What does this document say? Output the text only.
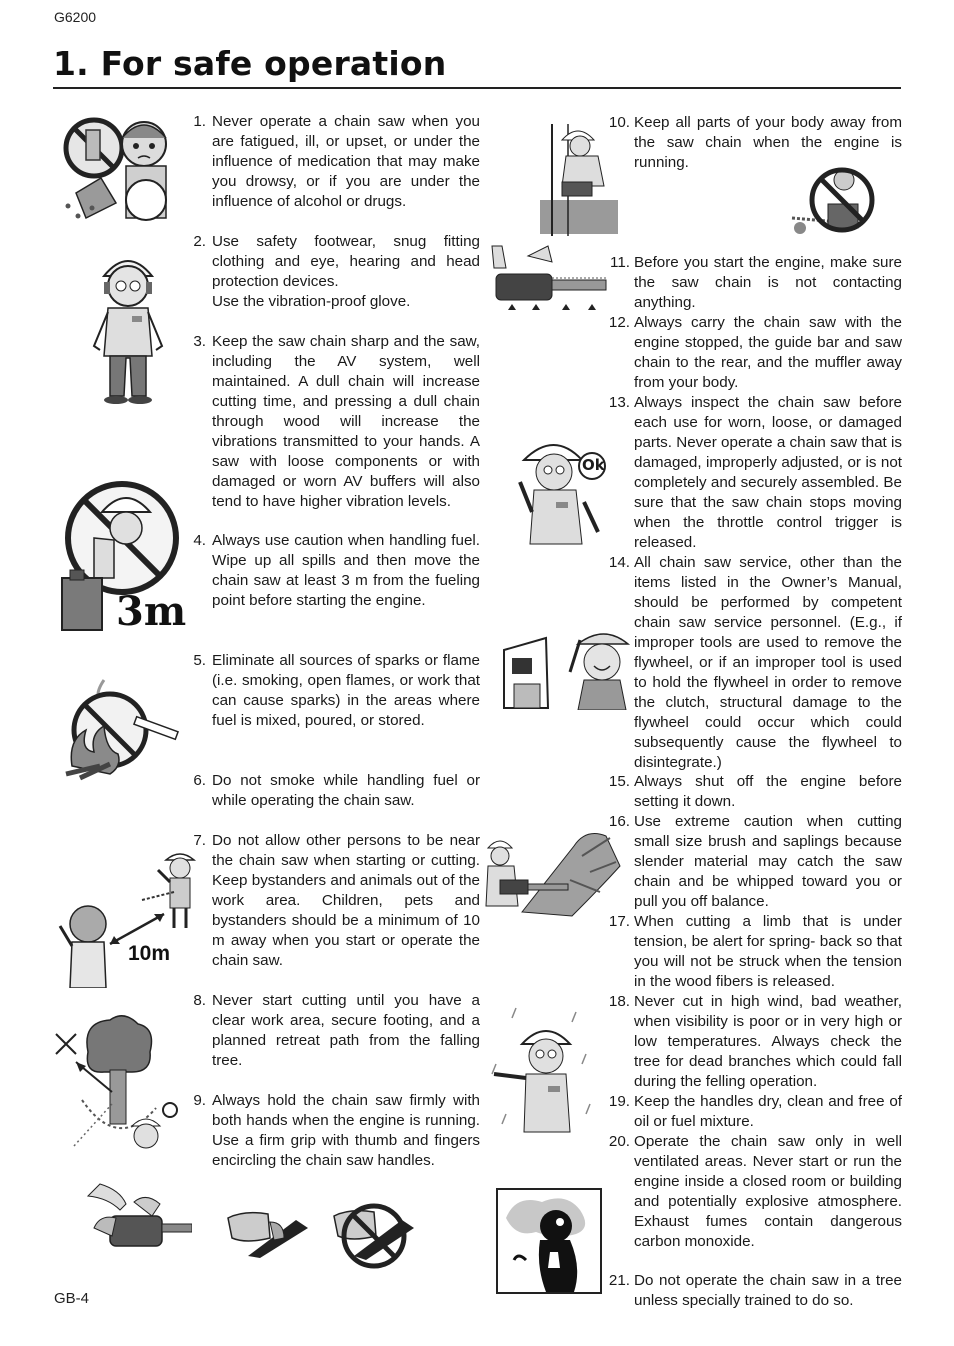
G6200
1. For safe operation
1. Never operate a chain saw when you are fatigued, ill, or upset, or under the influence of medication that may make you drowsy, or if you are under the influence of alcohol or drugs.
2. Use safety footwear, snug fitting clothing and eye, hearing and head protection devices.
Use the vibration-proof glove.
3. Keep the saw chain sharp and the saw, including the AV system, well maintained. A dull chain will increase cutting time, and pressing a dull chain through wood will increase the vibrations transmitted to your hands. A saw with loose components or with damaged or worn AV buffers will also tend to have higher vibration levels.
4. Always use caution when handling fuel. Wipe up all spills and then move the chain saw at least 3 m from the fueling point before starting the engine.
5. Eliminate all sources of sparks or flame (i.e. smoking, open flames, or work that can cause sparks) in the areas where fuel is mixed, poured, or stored.
6. Do not smoke while handling fuel or while operating the chain saw.
7. Do not allow other persons to be near the chain saw when starting or cutting. Keep bystanders and animals out of the work area. Children, pets and bystanders should be a minimum of 10 m away when you start or operate the chain saw.
8. Never start cutting until you have a clear work area, secure footing, and a planned retreat path from the falling tree.
9. Always hold the chain saw firmly with both hands when the engine is running. Use a firm grip with thumb and fingers encircling the chain saw handles.
10. Keep all parts of your body away from the saw chain when the engine is running.
11. Before you start the engine, make sure the saw chain is not contacting anything.
12. Always carry the chain saw with the engine stopped, the guide bar and saw chain to the rear, and the muffler away from your body.
13. Always inspect the chain saw before each use for worn, loose, or damaged parts. Never operate a chain saw that is damaged, improperly adjusted, or is not completely and securely assembled. Be sure that the saw chain stops moving when the throttle control trigger is released.
14. All chain saw service, other than the items listed in the Owner’s Manual, should be performed by competent chain saw service personnel. (E.g., if improper tools are used to remove the flywheel, or if an improper tool is used to hold the flywheel in order to remove the clutch, structural damage to the flywheel could occur which could subsequently cause the flywheel to disintegrate.)
15. Always shut off the engine before setting it down.
16. Use extreme caution when cutting small size brush and saplings because slender material may catch the saw chain and be whipped toward you or pull you off balance.
17. When cutting a limb that is under tension, be alert for spring- back so that you will not be struck when the tension in the wood fibers is released.
18. Never cut in high wind, bad weather, when visibility is poor or in very high or low temperatures. Always check the tree for dead branches which could fall during the felling operation.
19. Keep the handles dry, clean and free of oil or fuel mixture.
20. Operate the chain saw only in well ventilated areas. Never start or run the engine inside a closed room or building and potentially explosive atmosphere. Exhaust fumes contain dangerous carbon monoxide.
21. Do not operate the chain saw in a tree unless specially trained to do so.
3m
10m
Ok
GB-4
